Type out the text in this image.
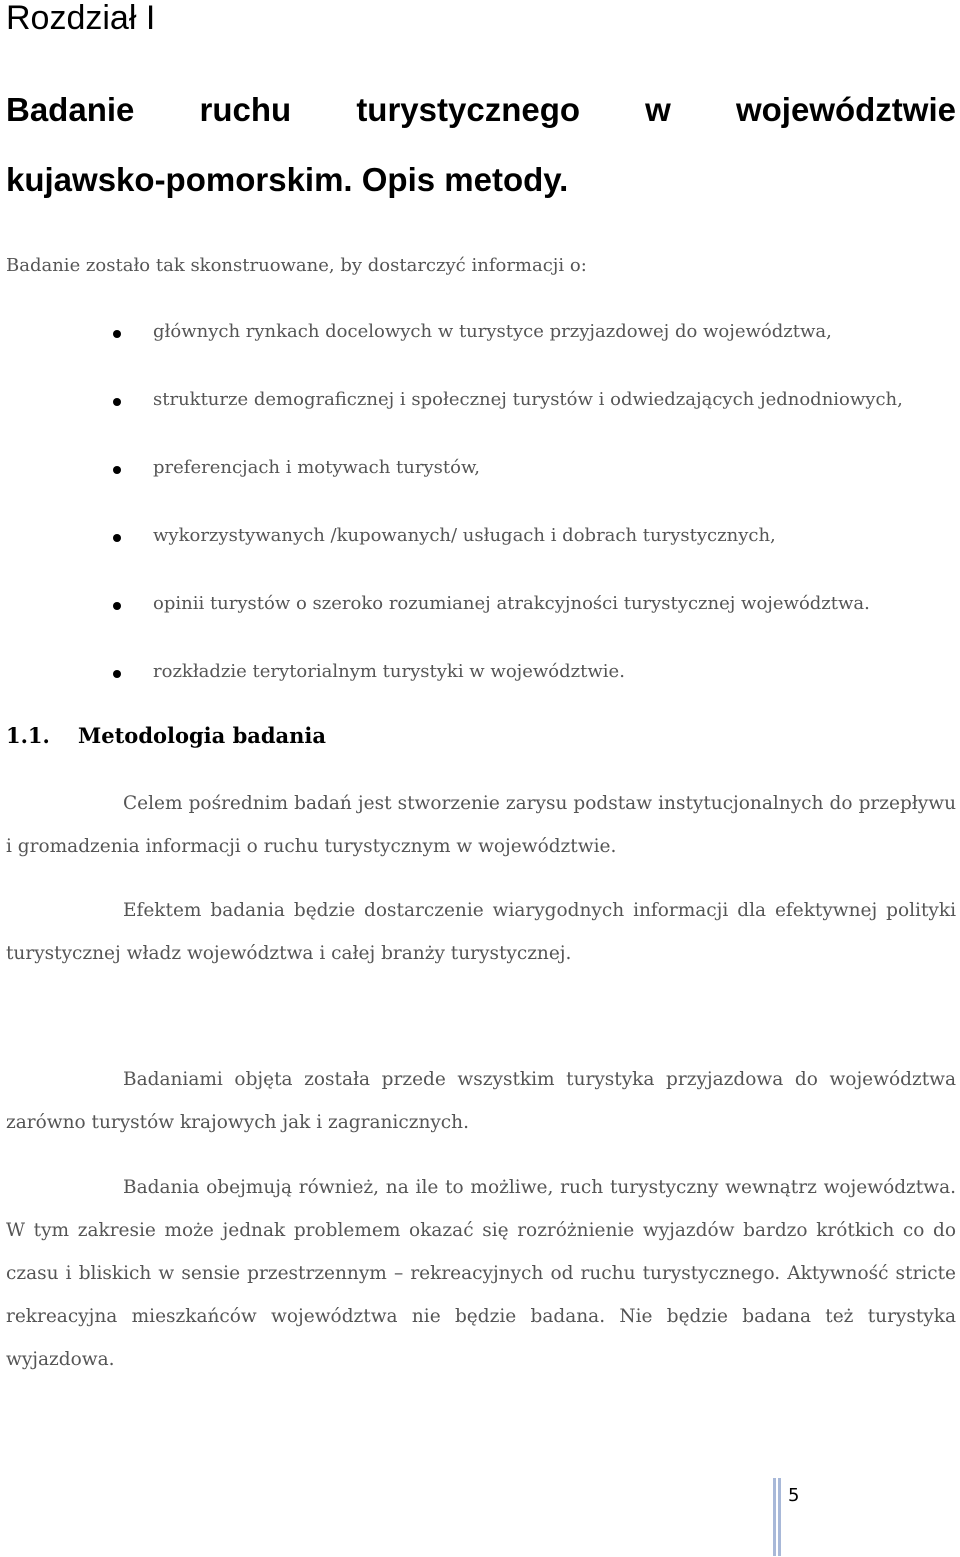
Rozdział I
Badanie ruchu turystycznego w województwie
kujawsko-pomorskim. Opis metody.

Badanie zostało tak skonstruowane, by dostarczyć informacji o:

głównych rynkach docelowych w turystyce przyjazdowej do województwa,
strukturze demograficznej i społecznej turystów i odwiedzających jednodniowych,
preferencjach i motywach turystów,
wykorzystywanych /kupowanych/ usługach i dobrach turystycznych,
opinii turystów o szeroko rozumianej atrakcyjności turystycznej województwa.
rozkładzie terytorialnym turystyki w województwie.
1.1. Metodologia badania

Celem pośrednim badań jest stworzenie zarysu podstaw instytucjonalnych do przepływu i gromadzenia informacji o ruchu turystycznym w województwie.

Efektem badania będzie dostarczenie wiarygodnych informacji dla efektywnej polityki turystycznej władz województwa i całej branży turystycznej.

Badaniami objęta została przede wszystkim turystyka przyjazdowa do województwa zarówno turystów krajowych jak i zagranicznych.

Badania obejmują również, na ile to możliwe, ruch turystyczny wewnątrz województwa. W tym zakresie może jednak problemem okazać się rozróżnienie wyjazdów bardzo krótkich co do czasu i bliskich w sensie przestrzennym – rekreacyjnych od ruchu turystycznego. Aktywność stricte rekreacyjna mieszkańców województwa nie będzie badana. Nie będzie badana też turystyka wyjazdowa.

5
